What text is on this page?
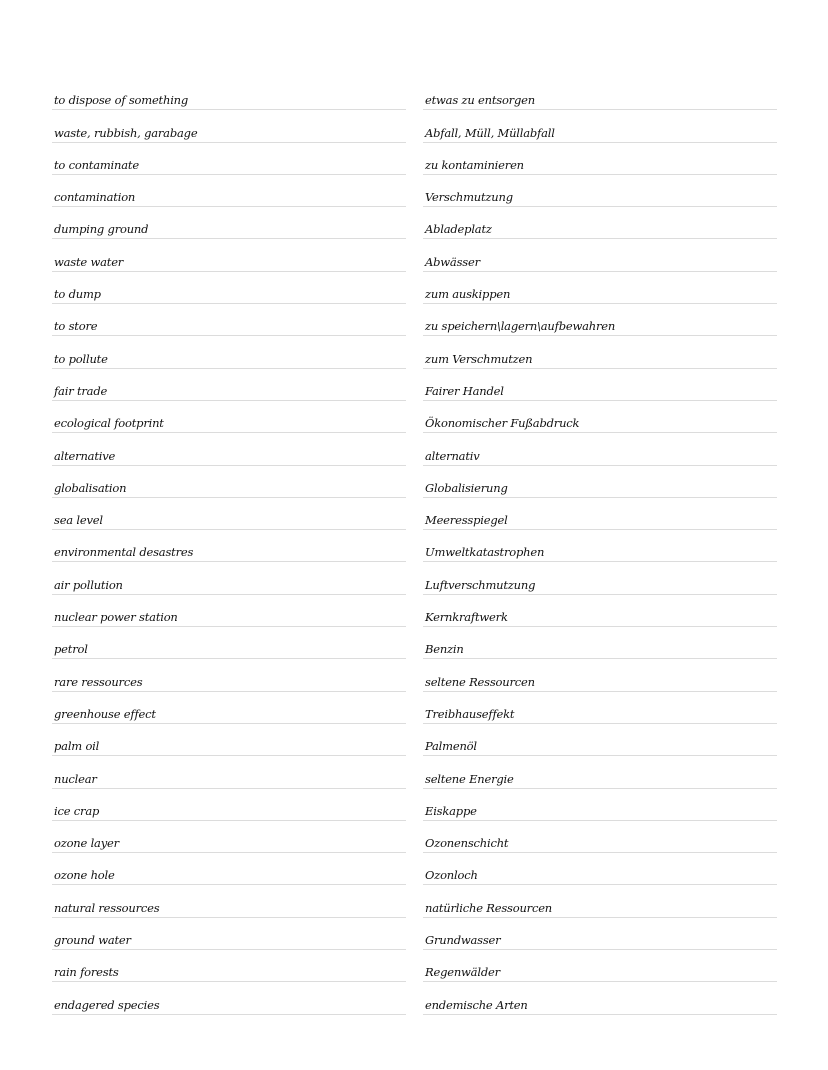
to dispose of something
waste, rubbish, garabage
to contaminate
contamination
dumping ground
waste water
to dump
to store
to pollute
fair trade
ecological footprint
alternative
globalisation
sea level
environmental desastres
air pollution
nuclear power station
petrol
rare ressources
greenhouse effect
palm oil
nuclear
ice crap
ozone layer
ozone hole
natural ressources
ground water
rain forests
endagered species
etwas zu entsorgen
Abfall, Müll, Müllabfall
zu kontaminieren
Verschmutzung
Abladeplatz
Abwässer
zum auskippen
zu speichern\lagern\aufbewahren
zum Verschmutzen
Fairer Handel
Ökonomischer Fußabdruck
alternativ
Globalisierung
Meeresspiegel
Umweltkatastrophen
Luftverschmutzung
Kernkraftwerk
Benzin
seltene Ressourcen
Treibhauseffekt
Palmenöl
seltene Energie
Eiskappe
Ozonenschicht
Ozonloch
natürliche Ressourcen
Grundwasser
Regenwälder
endemische Arten
